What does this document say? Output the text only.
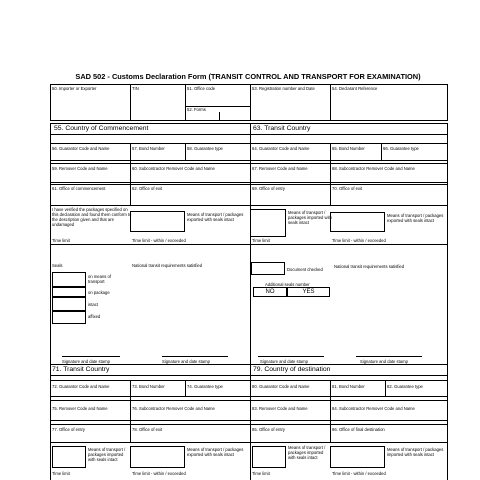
SAD 502 - Customs Declaration Form (TRANSIT CONTROL AND TRANSPORT FOR EXAMINATION)
50. Importer or Exporter	TIN	51. Office code	53. Registration number and Date	54. Declarant Reference
52. Forms
55. Country of Commencement	63. Transit Country
56. Guarantor Code and Name	57. Bond Number	58. Guarantee type	64. Guarantor Code and Name	65. Bond Number	66. Guarantee type
59. Remover Code and Name	60. Subcontractor Remover Code and Name	67. Remover Code and Name	68. Subcontractor Remover Code and Name
61. Office of commencement	62. Office of exit	69. Office of entry	70. Office of exit
I have verified the packages specified on this declaration and found them conform to the description given and that are undamaged
Means of transport / packages exported with seals intact
Time limit	Time limit - within / exceeded
Seals	National transit requirements satisfied
on means of transport
on package
intact
affixed
Signature and date stamp	Signature and date stamp
Means of transport / packages imported with seals intact
Means of transport / packages exported with seals intact
Time limit	Time limit - within / exceeded
Document checked
National transit requirements satisfied
Additional seals number
NO	YES
Signature and date stamp	Signature and date stamp
71. Transit Country	79. Country of destination
72. Guarantor Code and Name	73. Bond Number	74. Guarantee type	80. Guarantor Code and Name	81. Bond Number	82. Guarantee type
75. Remover Code and Name	76. Subcontractor Remover Code and Name	83. Remover Code and Name	84. Subcontractor Remover Code and Name
77. Office of entry	78. Office of exit	85. Office of entry	86. Office of final destination
Means of transport / packages imported with seals intact
Means of transport / packages exported with seals intact
Time limit	Time limit - within / exceeded
Means of transport / packages imported with seals intact
Means of transport / packages imported with seals intact
Time limit	Time limit - within / exceeded
